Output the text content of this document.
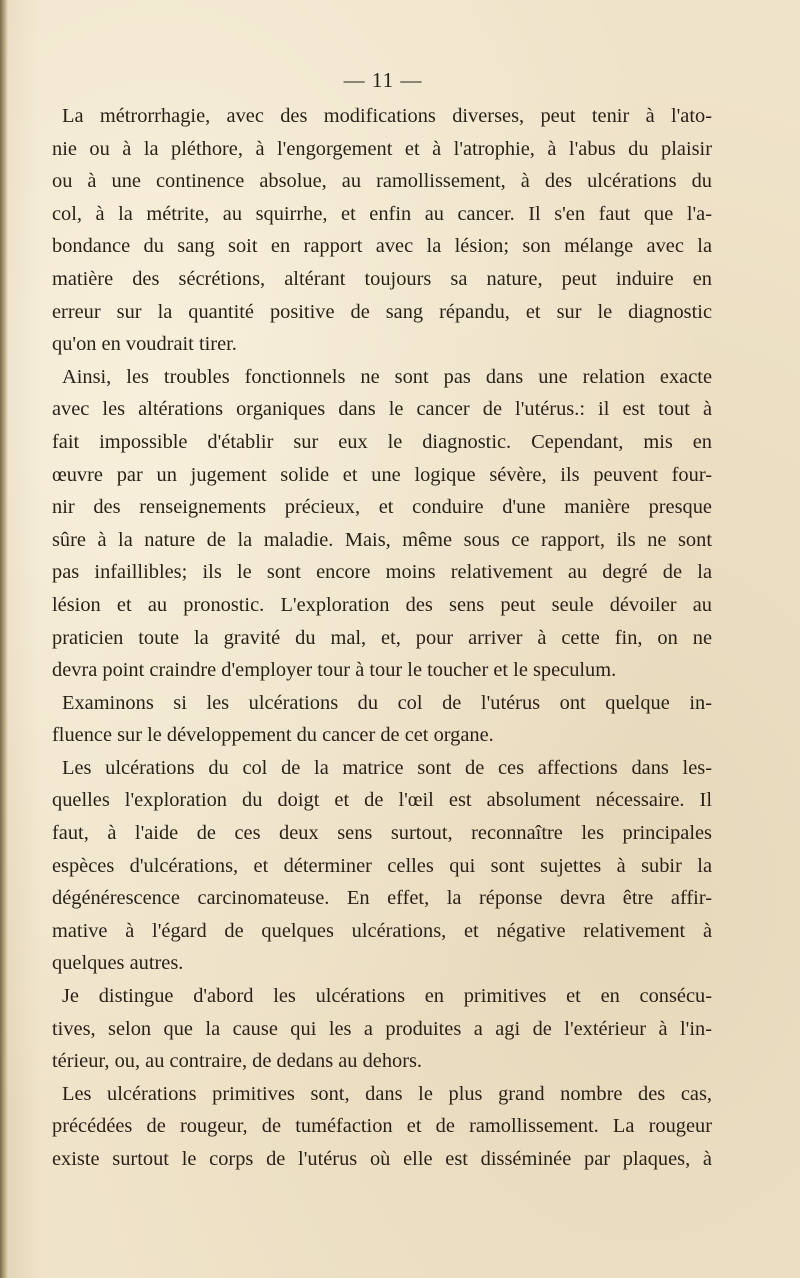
— 11 —
La métrorrhagie, avec des modifications diverses, peut tenir à l'ato-
nie ou à la pléthore, à l'engorgement et à l'atrophie, à l'abus du plaisir
ou à une continence absolue, au ramollissement, à des ulcérations du
col, à la métrite, au squirrhe, et enfin au cancer. Il s'en faut que l'a-
bondance du sang soit en rapport avec la lésion; son mélange avec la
matière des sécrétions, altérant toujours sa nature, peut induire en
erreur sur la quantité positive de sang répandu, et sur le diagnostic
qu'on en voudrait tirer.
Ainsi, les troubles fonctionnels ne sont pas dans une relation exacte
avec les altérations organiques dans le cancer de l'utérus.: il est tout à
fait impossible d'établir sur eux le diagnostic. Cependant, mis en
œuvre par un jugement solide et une logique sévère, ils peuvent four-
nir des renseignements précieux, et conduire d'une manière presque
sûre à la nature de la maladie. Mais, même sous ce rapport, ils ne sont
pas infaillibles; ils le sont encore moins relativement au degré de la
lésion et au pronostic. L'exploration des sens peut seule dévoiler au
praticien toute la gravité du mal, et, pour arriver à cette fin, on ne
devra point craindre d'employer tour à tour le toucher et le speculum.
Examinons si les ulcérations du col de l'utérus ont quelque in-
fluence sur le développement du cancer de cet organe.
Les ulcérations du col de la matrice sont de ces affections dans les-
quelles l'exploration du doigt et de l'œil est absolument nécessaire. Il
faut, à l'aide de ces deux sens surtout, reconnaître les principales
espèces d'ulcérations, et déterminer celles qui sont sujettes à subir la
dégénérescence carcinomateuse. En effet, la réponse devra être affir-
mative à l'égard de quelques ulcérations, et négative relativement à
quelques autres.
Je distingue d'abord les ulcérations en primitives et en consécu-
tives, selon que la cause qui les a produites a agi de l'extérieur à l'in-
térieur, ou, au contraire, de dedans au dehors.
Les ulcérations primitives sont, dans le plus grand nombre des cas,
précédées de rougeur, de tuméfaction et de ramollissement. La rougeur
existe surtout le corps de l'utérus où elle est disséminée par plaques, à
